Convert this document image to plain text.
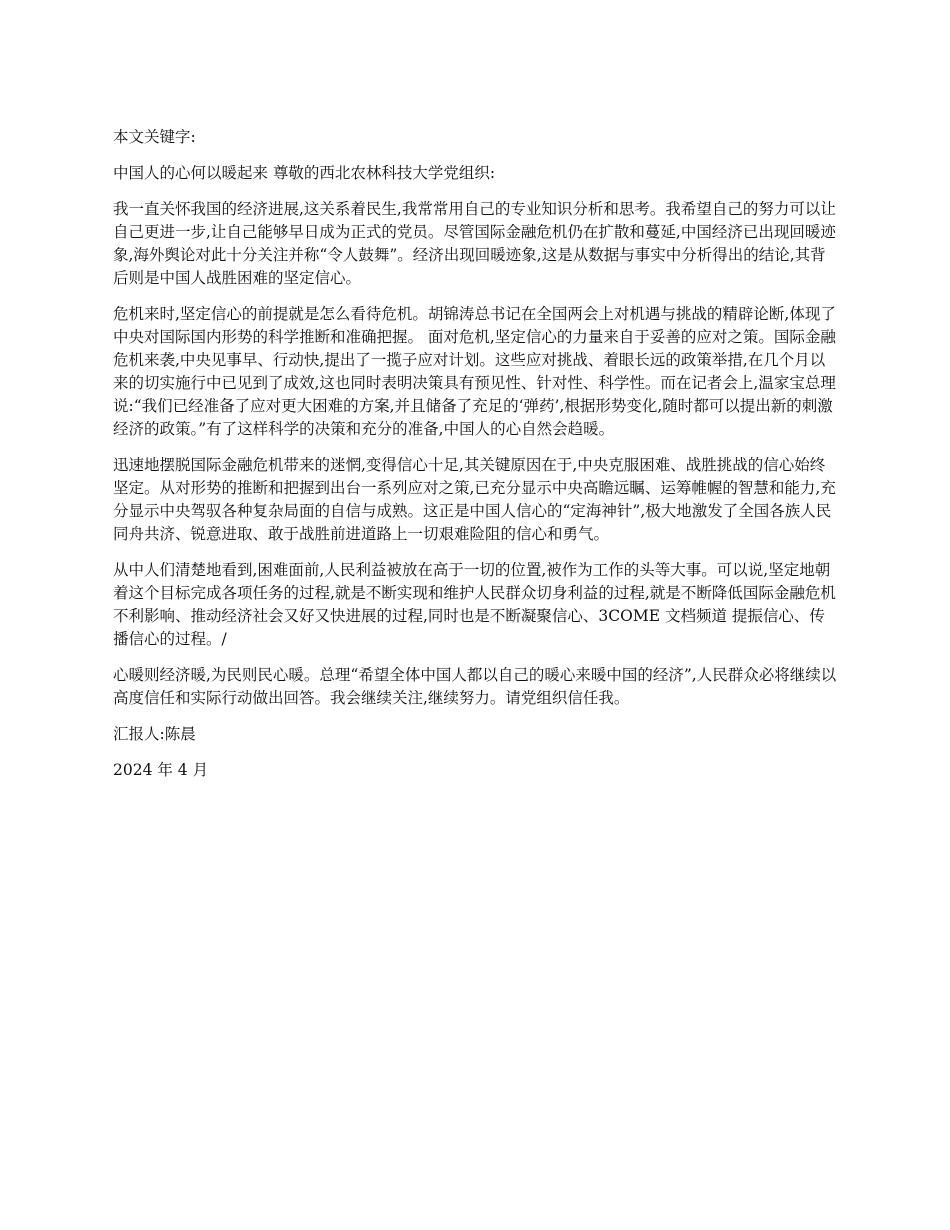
本文关键字:

中国人的心何以暖起来 尊敬的西北农林科技大学党组织:

我一直关怀我国的经济进展,这关系着民生,我常常用自己的专业知识分析和思考。我希望自己的努力可以让自己更进一步,让自己能够早日成为正式的党员。尽管国际金融危机仍在扩散和蔓延,中国经济已出现回暖迹象,海外舆论对此十分关注并称“令人鼓舞”。经济出现回暖迹象,这是从数据与事实中分析得出的结论,其背后则是中国人战胜困难的坚定信心。

危机来时,坚定信心的前提就是怎么看待危机。胡锦涛总书记在全国两会上对机遇与挑战的精辟论断,体现了中央对国际国内形势的科学推断和准确把握。 面对危机,坚定信心的力量来自于妥善的应对之策。国际金融危机来袭,中央见事早、行动快,提出了一揽子应对计划。这些应对挑战、着眼长远的政策举措,在几个月以来的切实施行中已见到了成效,这也同时表明决策具有预见性、针对性、科学性。而在记者会上,温家宝总理说:“我们已经准备了应对更大困难的方案,并且储备了充足的‘弹药’,根据形势变化,随时都可以提出新的刺激经济的政策。”有了这样科学的决策和充分的准备,中国人的心自然会趋暖。

迅速地摆脱国际金融危机带来的迷惘,变得信心十足,其关键原因在于,中央克服困难、战胜挑战的信心始终坚定。从对形势的推断和把握到出台一系列应对之策,已充分显示中央高瞻远瞩、运筹帷幄的智慧和能力,充分显示中央驾驭各种复杂局面的自信与成熟。这正是中国人信心的“定海神针”,极大地激发了全国各族人民同舟共济、锐意进取、敢于战胜前进道路上一切艰难险阻的信心和勇气。

从中人们清楚地看到,困难面前,人民利益被放在高于一切的位置,被作为工作的头等大事。可以说,坚定地朝着这个目标完成各项任务的过程,就是不断实现和维护人民群众切身利益的过程,就是不断降低国际金融危机不利影响、推动经济社会又好又快进展的过程,同时也是不断凝聚信心、3COME 文档频道 提振信心、传播信心的过程。/

心暖则经济暖,为民则民心暖。总理“希望全体中国人都以自己的暖心来暖中国的经济”,人民群众必将继续以高度信任和实际行动做出回答。我会继续关注,继续努力。请党组织信任我。

汇报人:陈晨

2024 年 4 月
